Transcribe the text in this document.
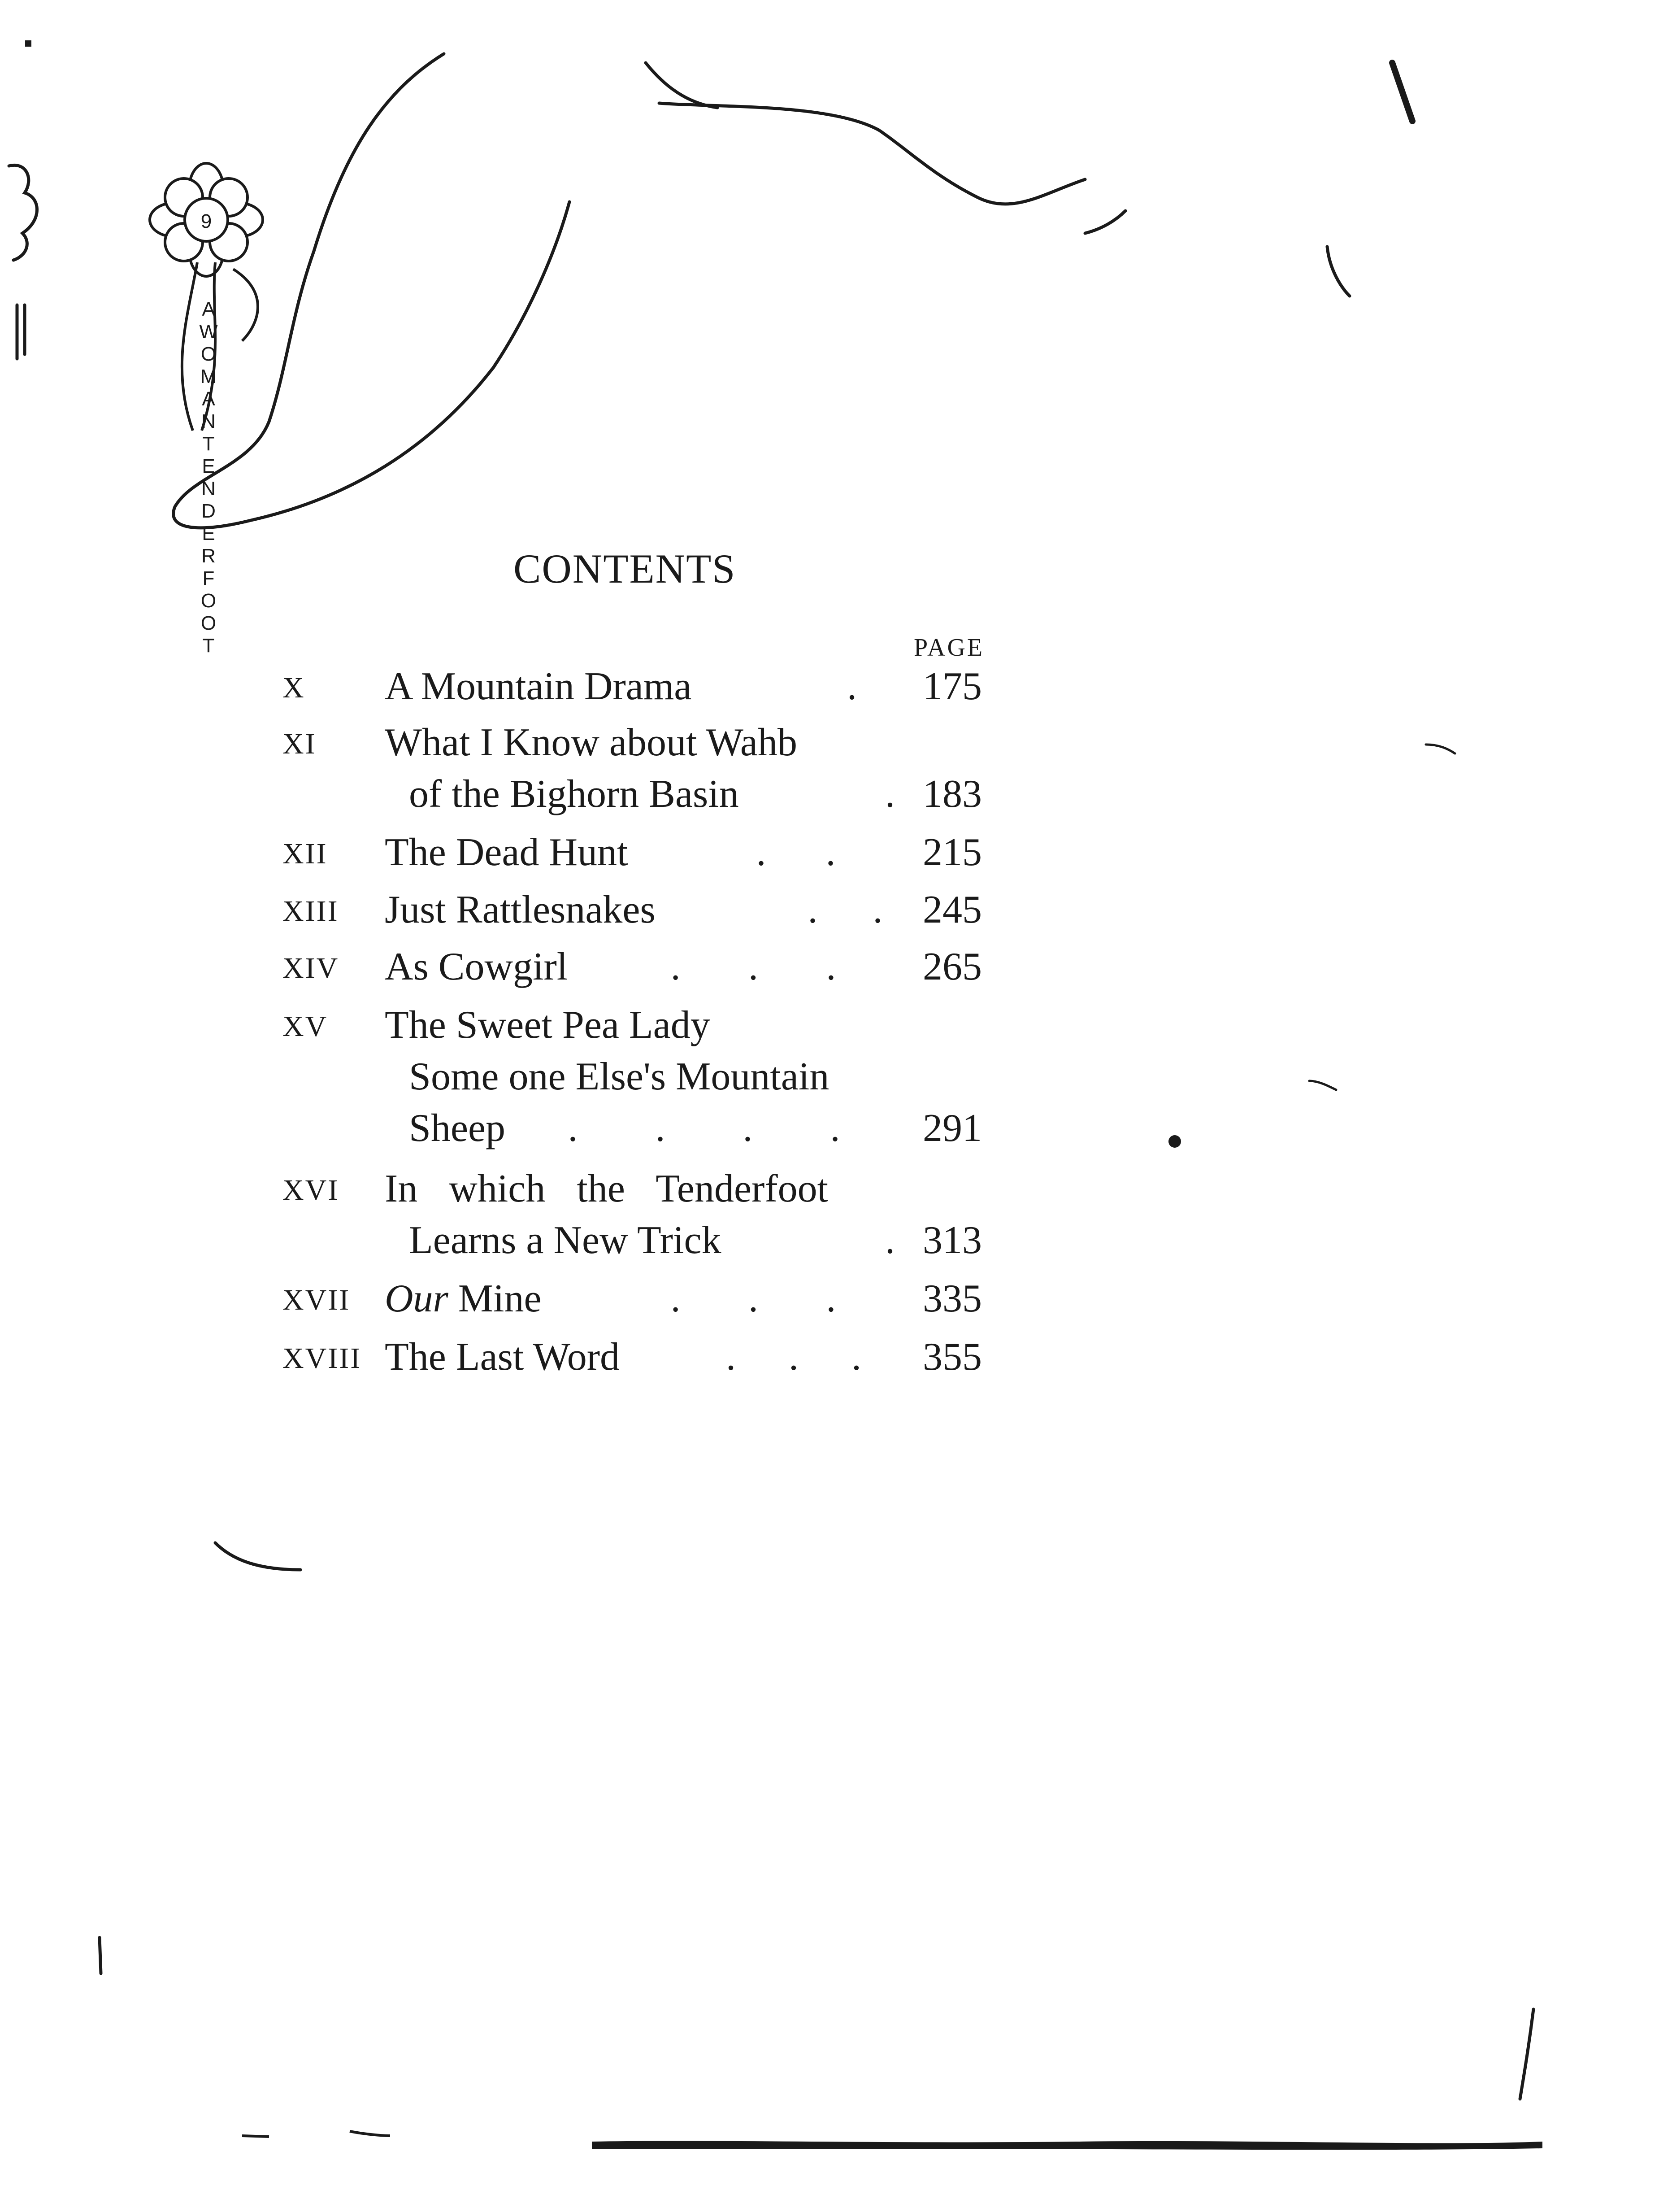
9
A WOMAN TENDERFOOT
CONTENTS
PAGE
X A Mountain Drama	. 175
XI What I Know about Wahb
of the Bighorn Basin	. 183
XII The Dead Hunt	. . 215
XIII Just Rattlesnakes	. . 245
XIV As Cowgirl	. . . 265
XV The Sweet Pea Lady
Some one Else's Mountain
Sheep . . . . 291
XVI In which the Tenderfoot
Learns a New Trick	. 313
XVII Our Mine	. . . 335
XVIII The Last Word	. . . 355
